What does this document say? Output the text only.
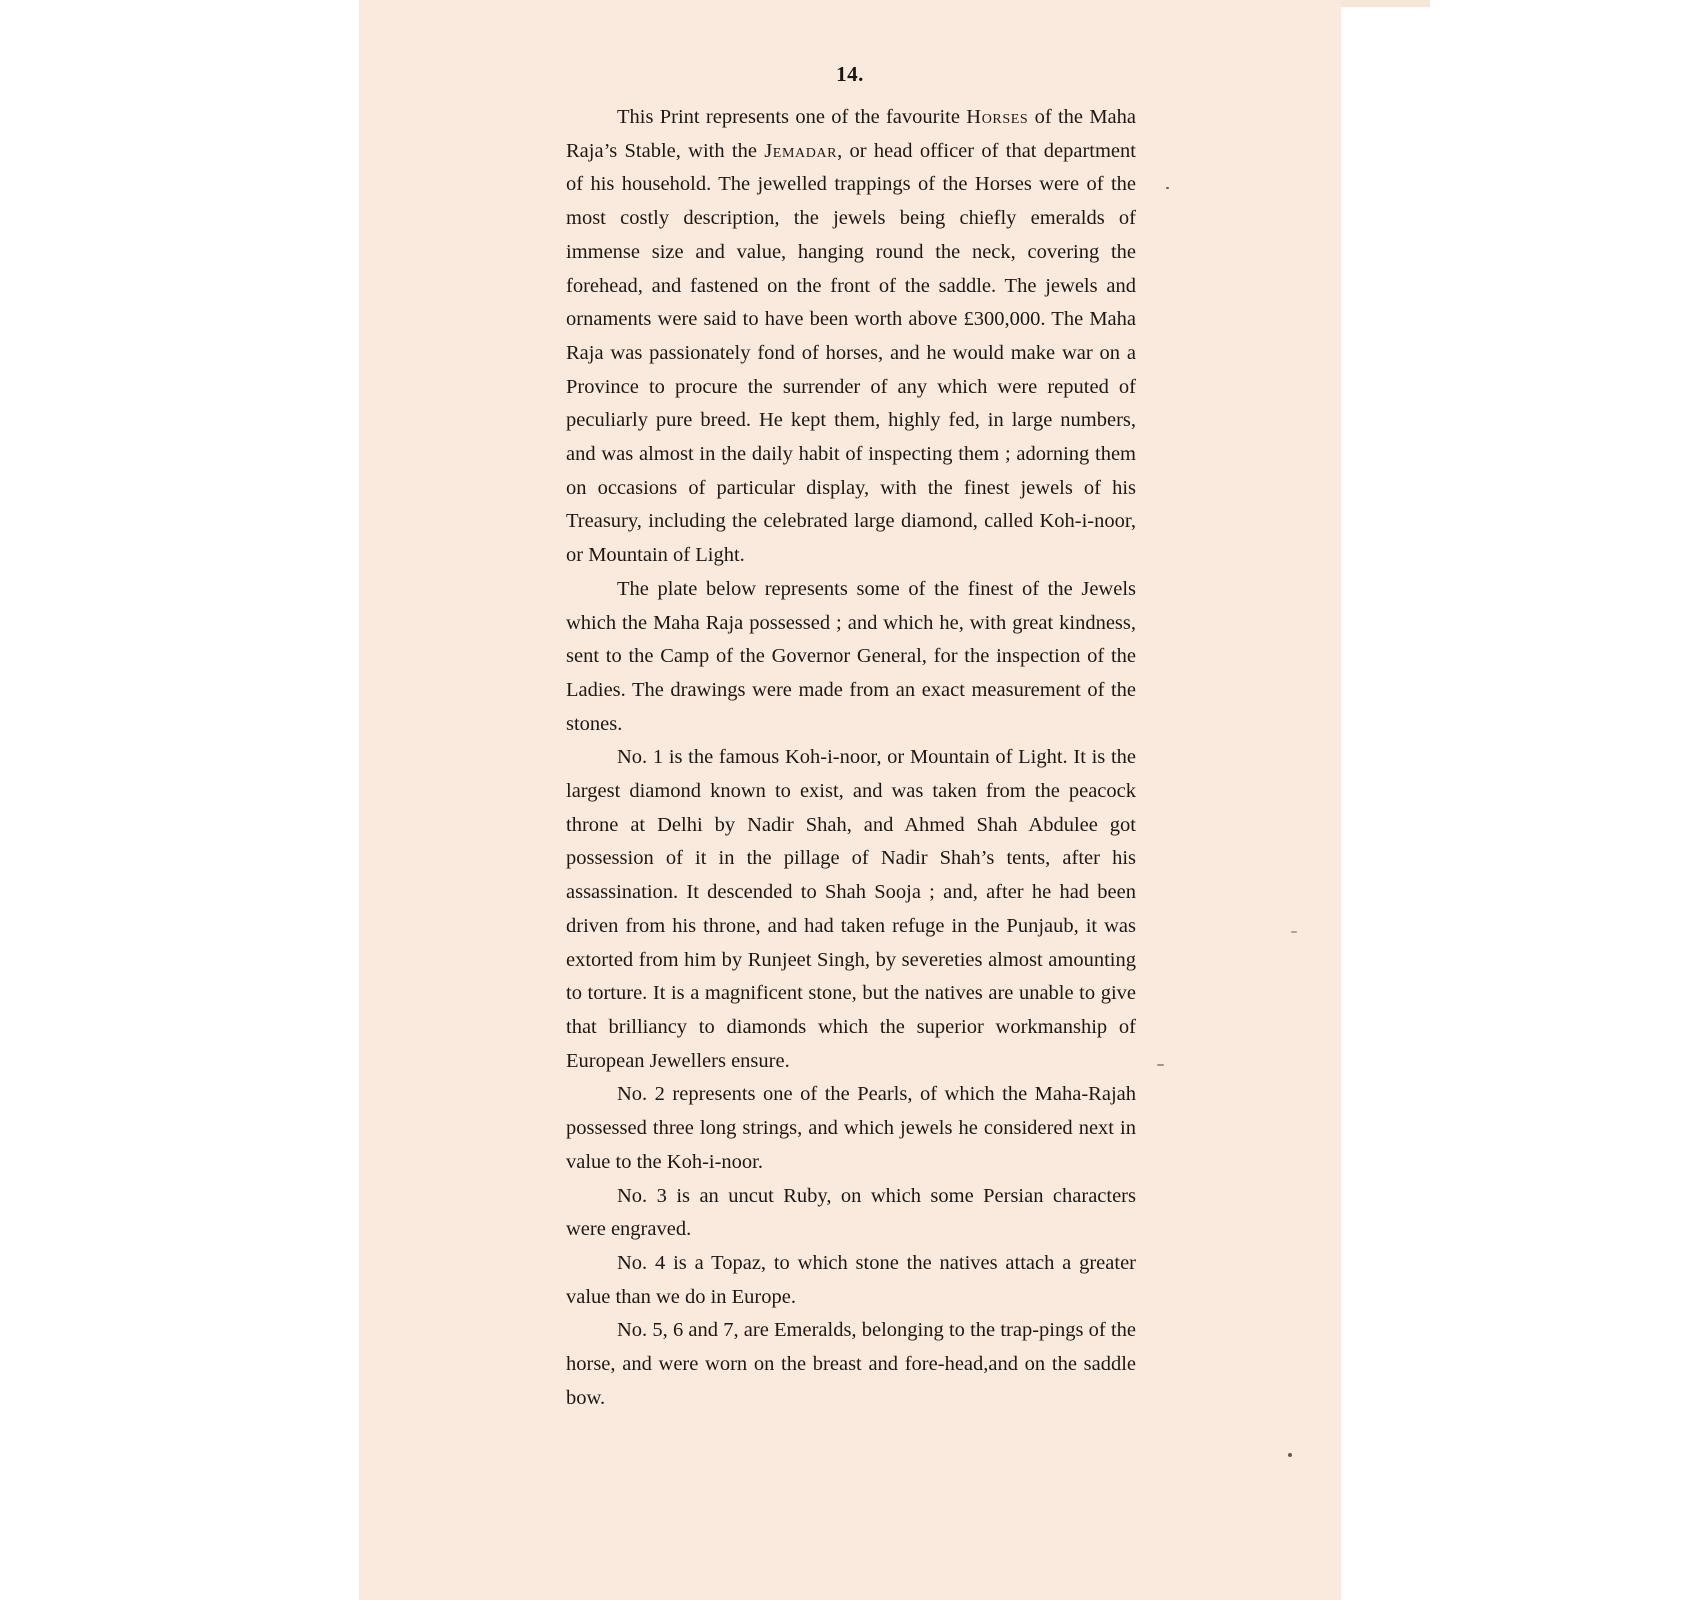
14.

This Print represents one of the favourite Horses of the Maha Raja’s Stable, with the Jemadar, or head officer of that department of his household. The jewelled trappings of the Horses were of the most costly description, the jewels being chiefly emeralds of immense size and value, hanging round the neck, covering the forehead, and fastened on the front of the saddle. The jewels and ornaments were said to have been worth above £300,000. The Maha Raja was passionately fond of horses, and he would make war on a Province to procure the surrender of any which were reputed of peculiarly pure breed. He kept them, highly fed, in large numbers, and was almost in the daily habit of inspecting them ; adorning them on occasions of particular display, with the finest jewels of his Treasury, including the celebrated large diamond, called Koh-i-noor, or Mountain of Light.

The plate below represents some of the finest of the Jewels which the Maha Raja possessed ; and which he, with great kindness, sent to the Camp of the Governor General, for the inspection of the Ladies. The drawings were made from an exact measurement of the stones.

No. 1 is the famous Koh-i-noor, or Mountain of Light. It is the largest diamond known to exist, and was taken from the peacock throne at Delhi by Nadir Shah, and Ahmed Shah Abdulee got possession of it in the pillage of Nadir Shah’s tents, after his assassination. It descended to Shah Sooja ; and, after he had been driven from his throne, and had taken refuge in the Punjaub, it was extorted from him by Runjeet Singh, by severeties almost amounting to torture. It is a magnificent stone, but the natives are unable to give that brilliancy to diamonds which the superior workmanship of European Jewellers ensure.

No. 2 represents one of the Pearls, of which the Maha-Rajah possessed three long strings, and which jewels he considered next in value to the Koh-i-noor.

No. 3 is an uncut Ruby, on which some Persian characters were engraved.

No. 4 is a Topaz, to which stone the natives attach a greater value than we do in Europe.

No. 5, 6 and 7, are Emeralds, belonging to the trap-pings of the horse, and were worn on the breast and fore-head,and on the saddle bow.
